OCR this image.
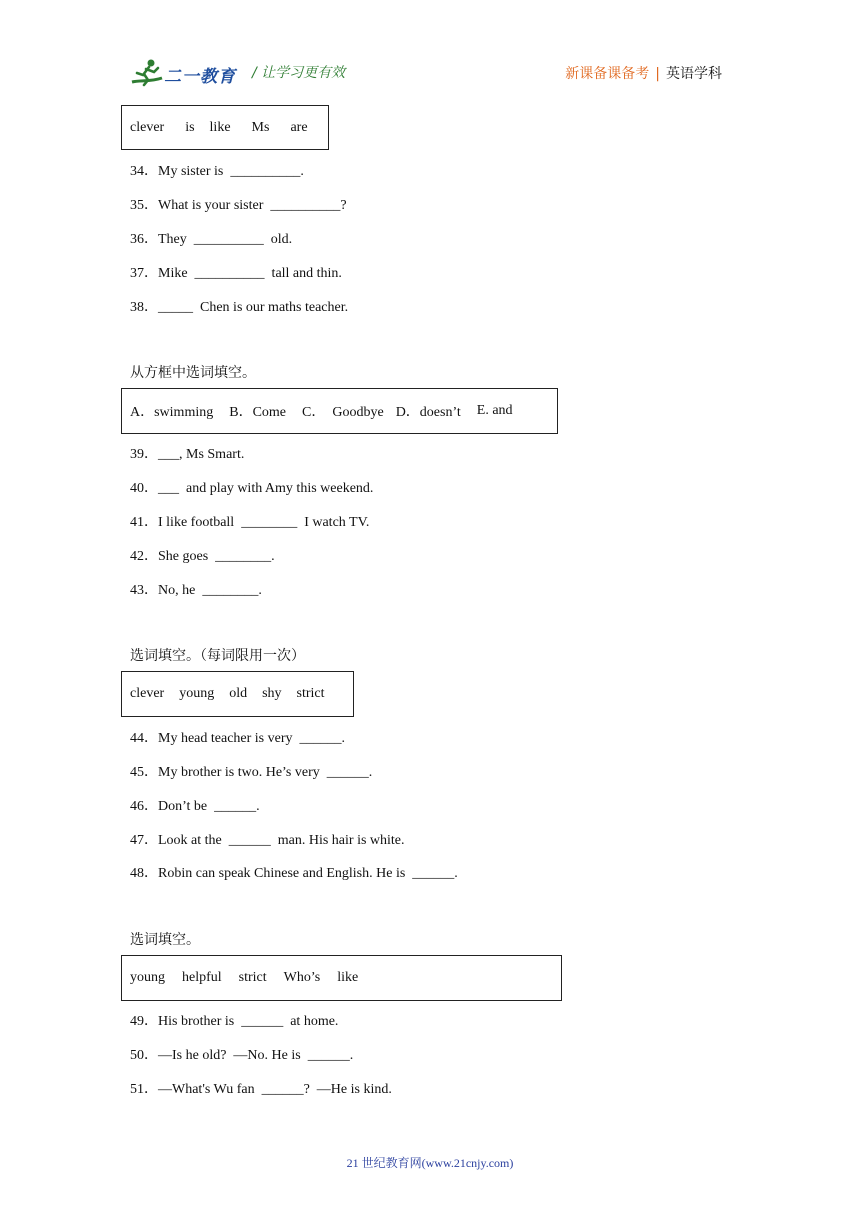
二一教育 / 让学习更有效	新课备课备考 | 英语学科
clever is like Ms are
34．My sister is  __________.
35．What is your sister  __________?
36．They  __________  old.
37．Mike  __________  tall and thin.
38．_____  Chen is our maths teacher.
从方框中选词填空。
A．swimming B．Come C．  Goodbye D．doesn’t E. and
39．___, Ms Smart.
40．___  and play with Amy this weekend.
41．I like football  ________  I watch TV.
42．She goes  ________.
43．No, he  ________.
选词填空。（每词限用一次）
clever young old shy strict
44．My head teacher is very  ______.
45．My brother is two. He’s very  ______.
46．Don’t be  ______.
47．Look at the  ______  man. His hair is white.
48．Robin can speak Chinese and English. He is  ______.
选词填空。
young helpful strict Who’s like
49．His brother is  ______  at home.
50．—Is he old?  —No. He is  ______.
51．—What's Wu fan  ______?  —He is kind.
21 世纪教育网(www.21cnjy.com)
